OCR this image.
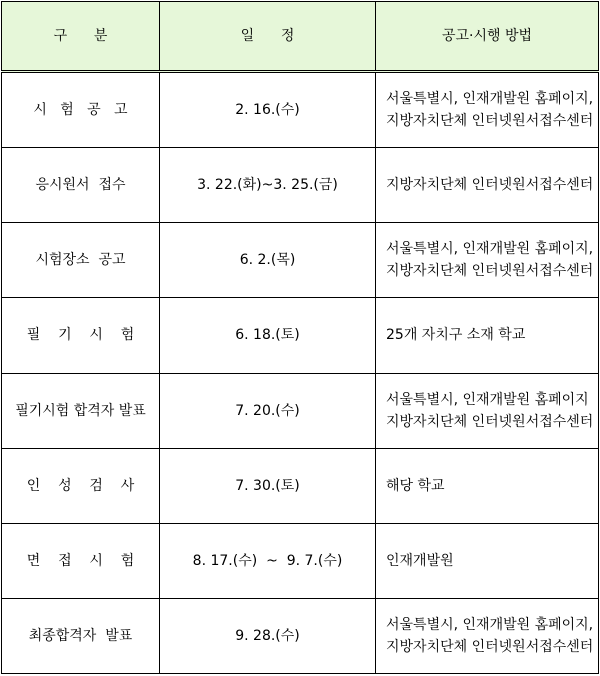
구      분	일      정	공고·시행 방법
시   험   공   고	2. 16.(수)	서울특별시, 인재개발원 홈페이지,
지방자치단체 인터넷원서접수센터

응시원서  접수	3. 22.(화)~3. 25.(금)	지방자치단체 인터넷원서접수센터

시험장소  공고	6. 2.(목)	서울특별시, 인재개발원 홈페이지,
지방자치단체 인터넷원서접수센터

필    기    시    험	6. 18.(토)	25개 자치구 소재 학교

필기시험 합격자 발표	7. 20.(수)	서울특별시, 인재개발원 홈페이지
지방자치단체 인터넷원서접수센터

인    성    검    사	7. 30.(토)	해당 학교

면    접    시    험	8. 17.(수)  ~  9. 7.(수)	인재개발원

최종합격자  발표	9. 28.(수)	서울특별시, 인재개발원 홈페이지,
지방자치단체 인터넷원서접수센터
